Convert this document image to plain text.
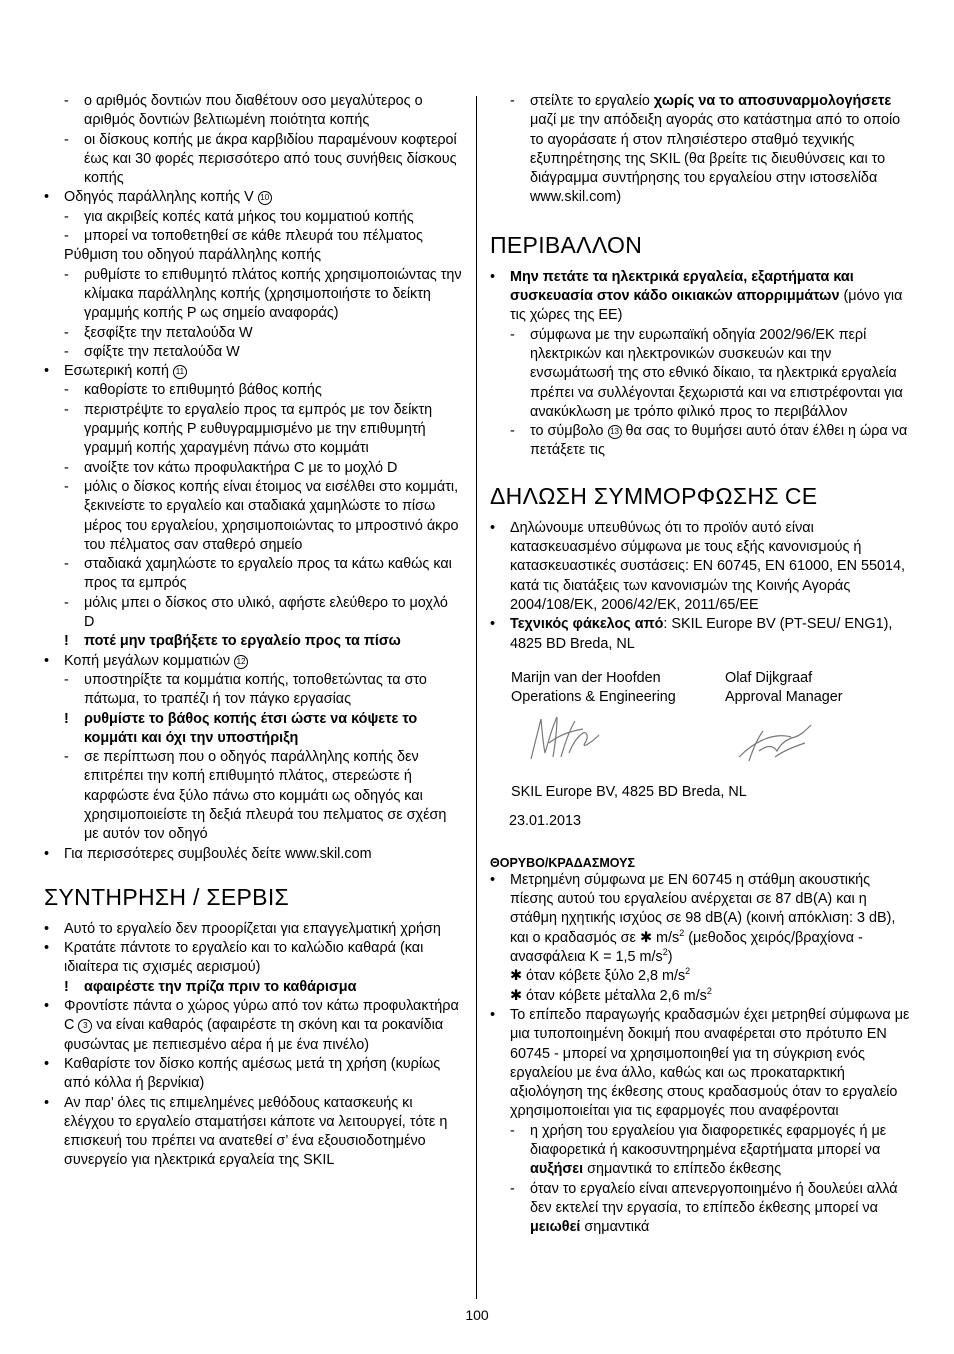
- ο αριθμός δοντιών που διαθέτουν οσο μεγαλύτερος ο αριθμός δοντιών βελτιωμένη ποιότητα κοπής
- οι δίσκους κοπής με άκρα καρβιδίου παραμένουν κοφτεροί έως και 30 φορές περισσότερο από τους συνήθεις δίσκους κοπής
• Οδηγός παράλληλης κοπής V 10
- για ακριβείς κοπές κατά μήκος του κομματιού κοπής
- μπορεί να τοποθετηθεί σε κάθε πλευρά του πέλματος
Ρύθμιση του οδηγού παράλληλης κοπής
- ρυθμίστε το επιθυμητό πλάτος κοπής χρησιμοποιώντας την κλίμακα παράλληλης κοπής (χρησιμοποιήστε το δείκτη γραμμής κοπής P ως σημείο αναφοράς)
- ξεσφίξτε την πεταλούδα W
- σφίξτε την πεταλούδα W
• Εσωτερική κοπή 11
- καθορίστε το επιθυμητό βάθος κοπής
- περιστρέψτε το εργαλείο προς τα εμπρός με τον δείκτη γραμμής κοπής P ευθυγραμμισμένο με την επιθυμητή γραμμή κοπής χαραγμένη πάνω στο κομμάτι
- ανοίξτε τον κάτω προφυλακτήρα C με το μοχλό D
- μόλις ο δίσκος κοπής είναι έτοιμος να εισέλθει στο κομμάτι, ξεκινείστε το εργαλείο και σταδιακά χαμηλώστε το πίσω μέρος του εργαλείου, χρησιμοποιώντας το μπροστινό άκρο του πέλματος σαν σταθερό σημείο
- σταδιακά χαμηλώστε το εργαλείο προς τα κάτω καθώς και προς τα εμπρός
- μόλις μπει ο δίσκος στο υλικό, αφήστε ελεύθερο το μοχλό D
! ποτέ μην τραβήξετε το εργαλείο προς τα πίσω
• Κοπή μεγάλων κομματιών 12
- υποστηρίξτε τα κομμάτια κοπής, τοποθετώντας τα στο πάτωμα, το τραπέζι ή τον πάγκο εργασίας
! ρυθμίστε το βάθος κοπής έτσι ώστε να κόψετε το κομμάτι και όχι την υποστήριξη
- σε περίπτωση που ο οδηγός παράλληλης κοπής δεν επιτρέπει την κοπή επιθυμητό πλάτος, στερεώστε ή καρφώστε ένα ξύλο πάνω στο κομμάτι ως οδηγός και χρησιμοποιείστε τη δεξιά πλευρά του πελματος σε σχέση με αυτόν τον οδηγό
• Για περισσότερες συμβουλές δείτε www.skil.com
ΣΥΝΤΗΡΗΣΗ / ΣΕΡΒΙΣ
• Αυτό το εργαλείο δεν προορίζεται για επαγγελματική χρήση
• Κρατάτε πάντοτε το εργαλείο και το καλώδιο καθαρά (και ιδιαίτερα τις σχισμές αερισμού)
! αφαιρέστε την πρίζα πριν το καθάρισμα
• Φροντίστε πάντα ο χώρος γύρω από τον κάτω προφυλακτήρα C 3 να είναι καθαρός (αφαιρέστε τη σκόνη και τα ροκανίδια φυσώντας με πεπιεσμένο αέρα ή με ένα πινέλο)
• Καθαρίστε τον δίσκο κοπής αμέσως μετά τη χρήση (κυρίως από κόλλα ή βερνίκια)
• Αν παρ’ όλες τις επιμελημένες μεθόδους κατασκευής κι ελέγχου το εργαλείο σταματήσει κάποτε να λειτουργεί, τότε η επισκευή του πρέπει να ανατεθεί σ’ ένα εξουσιοδοτημένο συνεργείο για ηλεκτρικά εργαλεία της SKIL
- στείλτε το εργαλείο χωρίς να το αποσυναρμολογήσετε μαζί με την απόδειξη αγοράς στο κατάστημα από το οποίο το αγοράσατε ή στον πλησιέστερο σταθμό τεχνικής εξυπηρέτησης της SKIL (θα βρείτε τις διευθύνσεις και το διάγραμμα συντήρησης του εργαλείου στην ιστοσελίδα www.skil.com)
ΠΕΡΙΒΑΛΛΟΝ
• Μην πετάτε τα ηλεκτρικά εργαλεία, εξαρτήματα και συσκευασία στον κάδο οικιακών απορριμμάτων (μόνο για τις χώρες της ΕΕ)
- σύμφωνα με την ευρωπαϊκή οδηγία 2002/96/ΕΚ περί ηλεκτρικών και ηλεκτρονικών συσκευών και την ενσωμάτωσή της στο εθνικό δίκαιο, τα ηλεκτρικά εργαλεία πρέπει να συλλέγονται ξεχωριστά και να επιστρέφονται για ανακύκλωση με τρόπο φιλικό προς το περιβάλλον
- το σύμβολο 13 θα σας το θυμήσει αυτό όταν έλθει η ώρα να πετάξετε τις
ΔΗΛΩΣΗ ΣΥΜΜΟΡΦΩΣΗΣ CE
• Δηλώνουμε υπευθύνως ότι το προϊόν αυτό είναι κατασκευασμένο σύμφωνα με τους εξής κανονισμούς ή κατασκευαστικές συστάσεις: EN 60745, EN 61000, EN 55014, κατά τις διατάξεις των κανονισμών της Κοινής Αγοράς 2004/108/ΕΚ, 2006/42/ΕΚ, 2011/65/ΕΕ
• Τεχνικός φάκελος από: SKIL Europe BV (PT-SEU/ ENG1), 4825 BD Breda, NL
Marijn van der Hoofden
Operations & Engineering
Olaf Dijkgraaf
Approval Manager
SKIL Europe BV, 4825 BD Breda, NL
23.01.2013
ΘΟΡΥΒΟ/ΚΡΑΔΑΣΜΟΥΣ
• Μετρημένη σύμφωνα με EN 60745 η στάθμη ακουστικής πίεσης αυτού του εργαλείου ανέρχεται σε 87 dB(A) και η στάθμη ηχητικής ισχύος σε 98 dB(A) (κοινή απόκλιση: 3 dB), και ο κραδασμός σε ✱ $m/s^2$ (μεθοδος χειρός/βραχίονα - ανασφάλεια K = 1,5 $m/s^2$)
✱ όταν κόβετε ξύλο 2,8 $m/s^2$
✱ όταν κόβετε μέταλλα 2,6 $m/s^2$
• Το επίπεδο παραγωγής κραδασμών έχει μετρηθεί σύμφωνα με μια τυποποιημένη δοκιμή που αναφέρεται στο πρότυπο EN 60745 - μπορεί να χρησιμοποιηθεί για τη σύγκριση ενός εργαλείου με ένα άλλο, καθώς και ως προκαταρκτική αξιολόγηση της έκθεσης στους κραδασμούς όταν το εργαλείο χρησιμοποιείται για τις εφαρμογές που αναφέρονται
- η χρήση του εργαλείου για διαφορετικές εφαρμογές ή με διαφορετικά ή κακοσυντηρημένα εξαρτήματα μπορεί να αυξήσει σημαντικά το επίπεδο έκθεσης
- όταν το εργαλείο είναι απενεργοποιημένο ή δουλεύει αλλά δεν εκτελεί την εργασία, το επίπεδο έκθεσης μπορεί να μειωθεί σημαντικά
100
